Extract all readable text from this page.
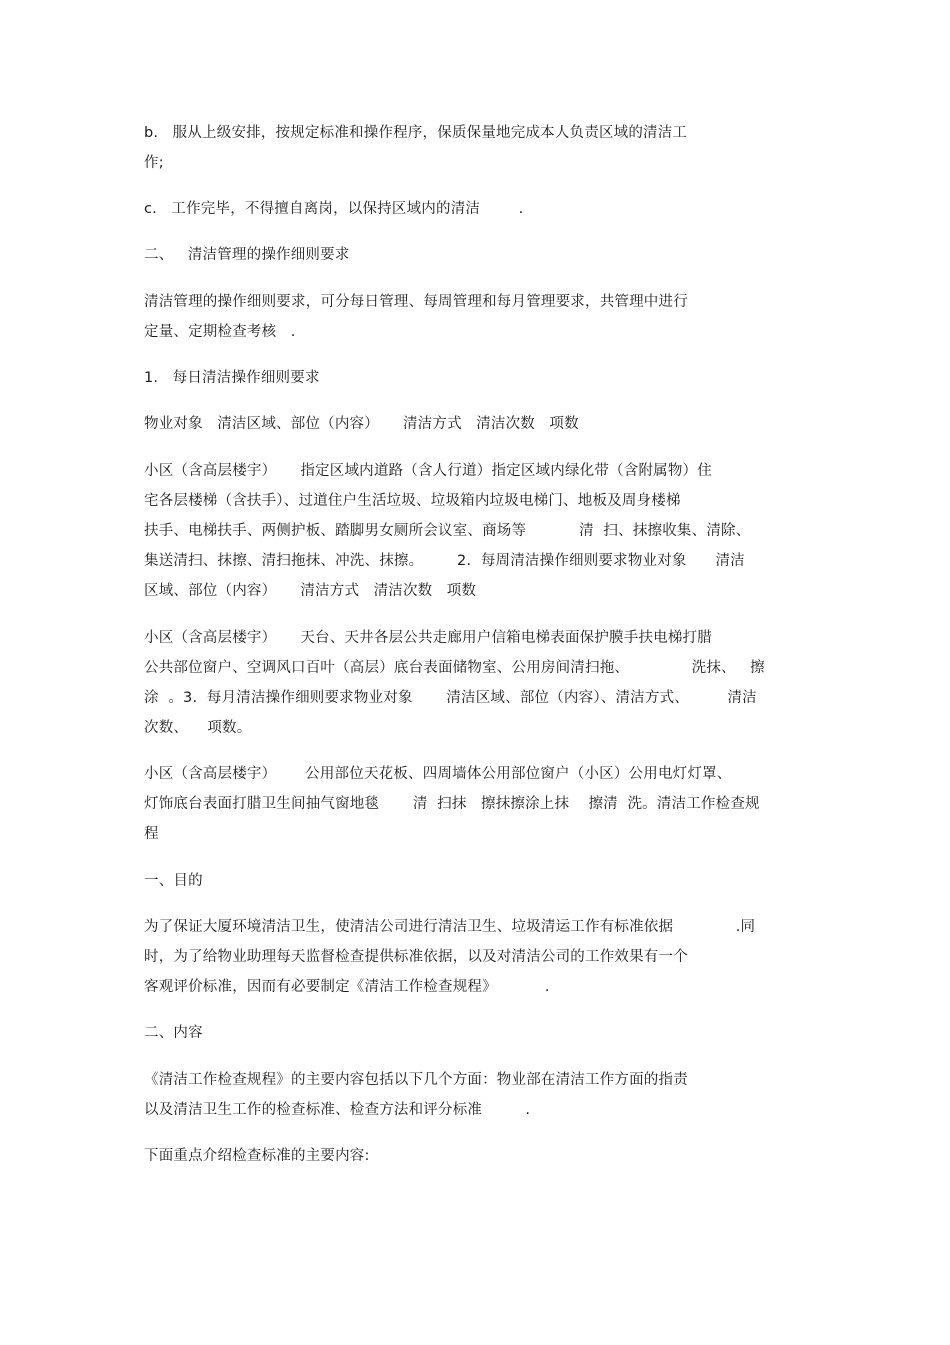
b.   服从上级安排，按规定标准和操作程序，保质保量地完成本人负责区域的清洁工
作;
c.   工作完毕，不得擅自离岗，以保持区域内的清洁        .
二、   清洁管理的操作细则要求
清洁管理的操作细则要求，可分每日管理、每周管理和每月管理要求，共管理中进行
定量、定期检查考核   .
1.   每日清洁操作细则要求
物业对象   清洁区域、部位（内容）     清洁方式   清洁次数   项数
小区（含高层楼宇）     指定区域内道路（含人行道）指定区域内绿化带（含附属物）住
宅各层楼梯（含扶手）、过道住户生活垃圾、垃圾箱内垃圾电梯门、地板及周身楼梯
扶手、电梯扶手、两侧护板、踏脚男女厕所会议室、商场等           清  扫、抹擦收集、清除、
集送清扫、抹擦、清扫拖抹、冲洗、抹擦。       2.  每周清洁操作细则要求物业对象      清洁
区域、部位（内容）     清洁方式   清洁次数   项数
小区（含高层楼宇）     天台、天井各层公共走廊用户信箱电梯表面保护膜手扶电梯打腊
公共部位窗户、空调风口百叶（高层）底台表面储物室、公用房间清扫拖、             洗抹、   擦
涂  。3.  每月清洁操作细则要求物业对象       清洁区域、部位（内容）、清洁方式、        清洁
次数、    项数。
小区（含高层楼宇）      公用部位天花板、四周墙体公用部位窗户（小区）公用电灯灯罩、
灯饰底台表面打腊卫生间抽气窗地毯       清  扫抹   擦抹擦涂上抹    擦清  洗。清洁工作检查规
程
一、目的
为了保证大厦环境清洁卫生，使清洁公司进行清洁卫生、垃圾清运工作有标准依据             .同
时，为了给物业助理每天监督检查提供标准依据，以及对清洁公司的工作效果有一个
客观评价标准，因而有必要制定《清洁工作检查规程》          .
二、内容
《清洁工作检查规程》的主要内容包括以下几个方面：物业部在清洁工作方面的指责
以及清洁卫生工作的检查标准、检查方法和评分标准         .
下面重点介绍检查标准的主要内容:
